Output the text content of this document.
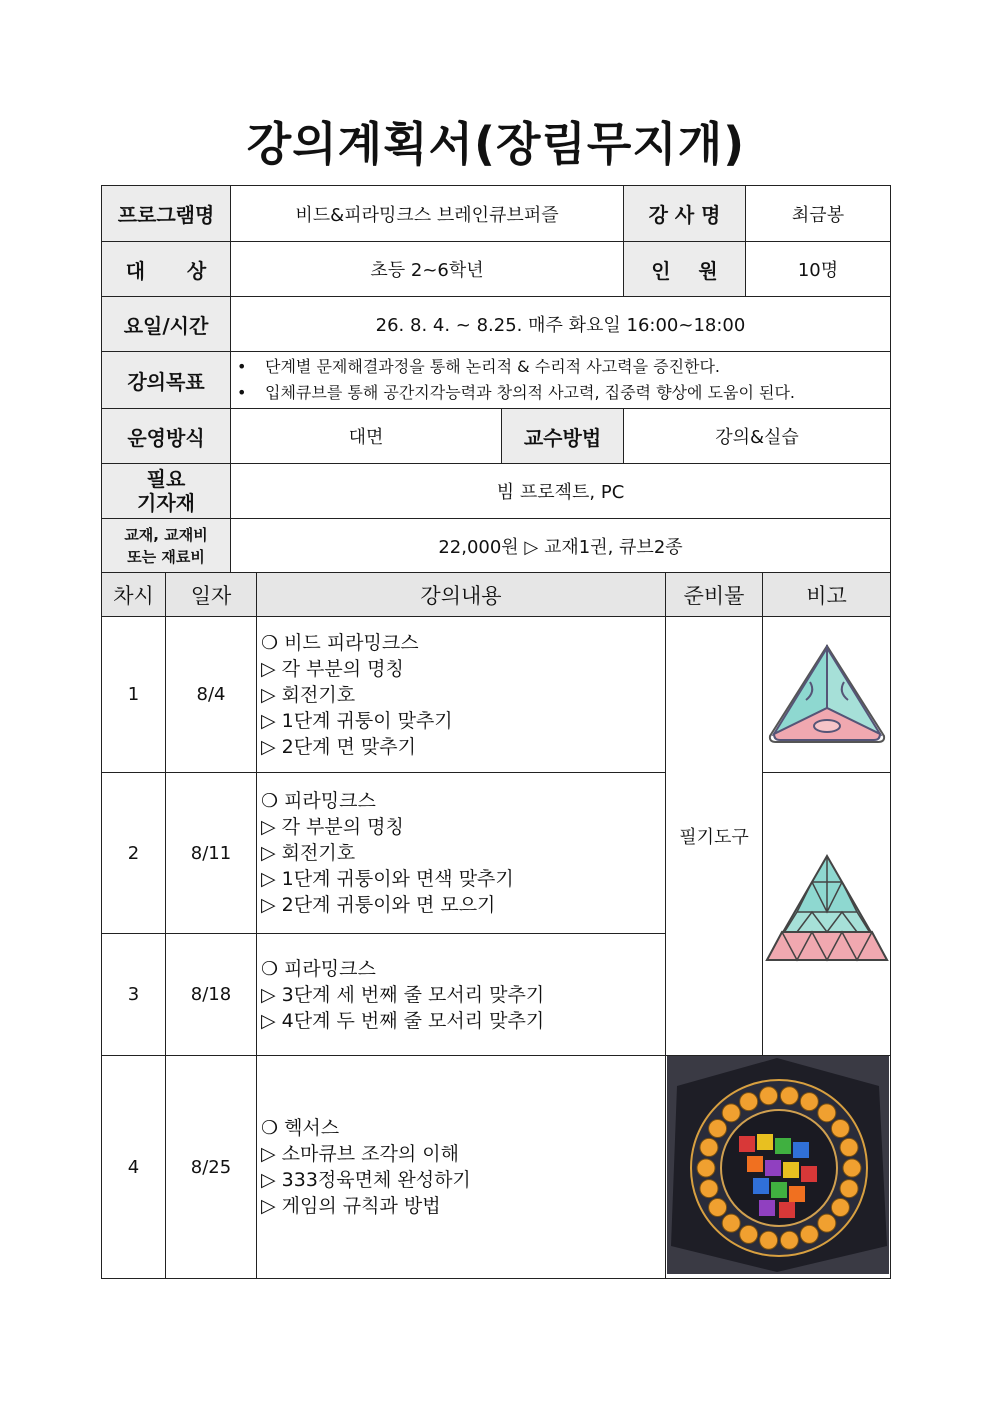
강의계획서(장림무지개)
프로그램명	비드&피라밍크스 브레인큐브퍼즐		강 사 명	최금봉
대      상	초등 2~6학년		인    원	10명
요일/시간	26. 8. 4. ~ 8.25. 매주 화요일 16:00~18:00			
강의목표	• 단계별 문제해결과정을 통해 논리적 & 수리적 사고력을 증진한다.
• 입체큐브를 통해 공간지각능력과 창의적 사고력, 집중력 향상에 도움이 된다.			

운영방식	대면	교수방법	강의&실습	

필요
기자재	빔 프로젝트, PC			

교재, 교재비
또는 재료비	22,000원 ▷ 교재1권, 큐브2종			
차시	일자	강의내용	준비물	비고
1	8/4	❍ 비드 피라밍크스
▷ 각 부분의 명칭
▷ 회전기호
▷ 1단계 귀퉁이 맞추기
▷ 2단계 면 맞추기	필기도구	
2	8/11	❍ 피라밍크스
▷ 각 부분의 명칭
▷ 회전기호
▷ 1단계 귀퉁이와 면색 맞추기
▷ 2단계 귀퉁이와 면 모으기

3	8/18	❍ 피라밍크스
▷ 3단계 세 번째 줄 모서리 맞추기
▷ 4단계 두 번째 줄 모서리 맞추기		

4	8/25	❍ 헥서스
▷ 소마큐브 조각의 이해
▷ 333정육면체 완성하기
▷ 게임의 규칙과 방법
